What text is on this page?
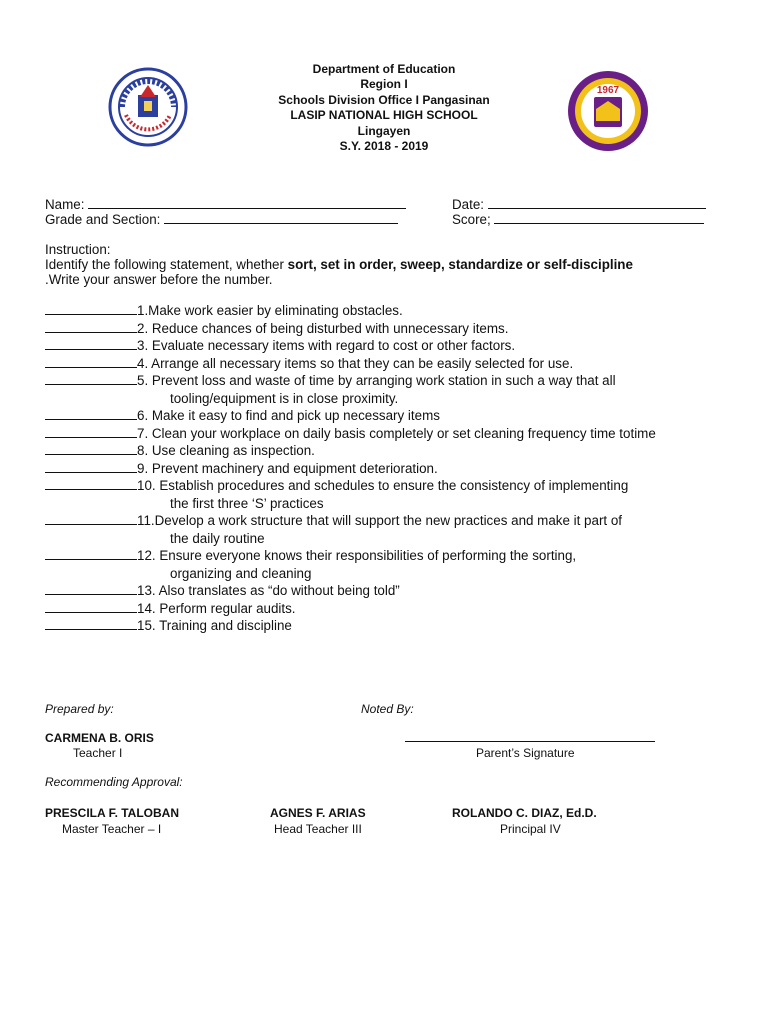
1967
Department of Education
Region I
Schools Division Office I Pangasinan
LASIP NATIONAL HIGH SCHOOL
Lingayen
S.Y. 2018 - 2019
Name:	Date:
Grade and Section:	Score;
Instruction:
Identify the following statement, whether sort, set in order, sweep, standardize or self-discipline
.Write your answer before the number.
1.Make work easier by eliminating obstacles.
2. Reduce chances of being disturbed with unnecessary items.
3. Evaluate necessary items with regard to cost or other factors.
4. Arrange all necessary items so that they can be easily selected for use.
5. Prevent loss and waste of time by arranging work station in such a way that all
tooling/equipment is in close proximity.
6. Make it easy to find and pick up necessary items
7. Clean your workplace on daily basis completely or set cleaning frequency time totime
8. Use cleaning as inspection.
9. Prevent machinery and equipment deterioration.
10. Establish procedures and schedules to ensure the consistency of implementing
the first three ‘S’ practices
11.Develop a work structure that will support the new practices and make it part of
the daily routine
12. Ensure everyone knows their responsibilities of performing the sorting,
organizing and cleaning
13. Also translates as “do without being told”
14. Perform regular audits.
15. Training and discipline
Prepared by:	Noted By:
CARMENA B. ORIS
Teacher I	Parent’s Signature
Recommending Approval:
PRESCILA F. TALOBAN
Master Teacher – I
AGNES F. ARIAS
Head Teacher III
ROLANDO C. DIAZ, Ed.D.
Principal IV
